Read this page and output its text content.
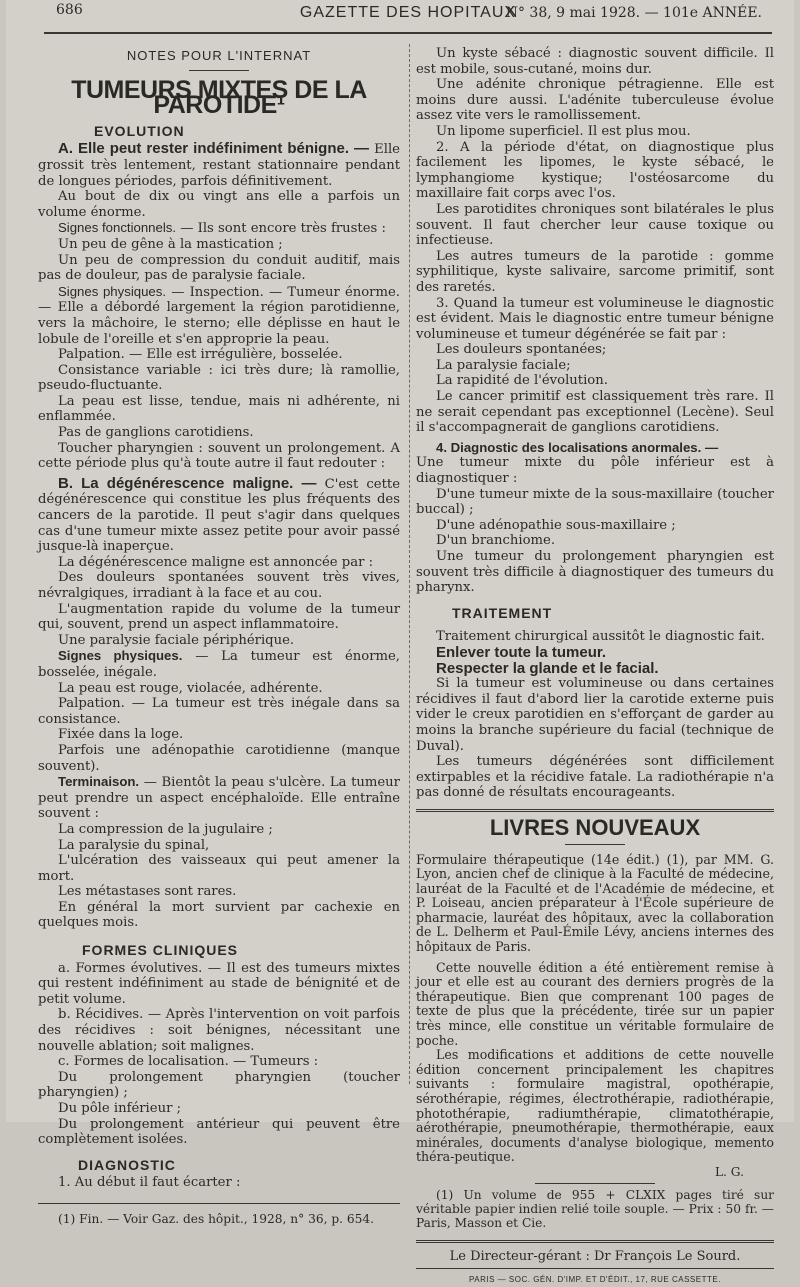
686	GAZETTE DES HOPITAUX
N° 38, 9 mai 1928. — 101e ANNÉE.
NOTES POUR L'INTERNAT
TUMEURS MIXTES DE LA PAROTIDE¹
EVOLUTION

A. Elle peut rester indéfiniment bénigne. — Elle grossit très lentement, restant stationnaire pendant de longues périodes, parfois définitivement.

Au bout de dix ou vingt ans elle a parfois un volume énorme.

Signes fonctionnels. — Ils sont encore très frustes :

Un peu de gêne à la mastication ;

Un peu de compression du conduit auditif, mais pas de douleur, pas de paralysie faciale.

Signes physiques. — Inspection. — Tumeur énorme. — Elle a débordé largement la région parotidienne, vers la mâchoire, le sterno; elle déplisse en haut le lobule de l'oreille et s'en approprie la peau.

Palpation. — Elle est irrégulière, bosselée.

Consistance variable : ici très dure; là ramollie, pseudo-fluctuante.

La peau est lisse, tendue, mais ni adhérente, ni enflammée.

Pas de ganglions carotidiens.

Toucher pharyngien : souvent un prolongement. A cette période plus qu'à toute autre il faut redouter :

B. La dégénérescence maligne. — C'est cette dégénérescence qui constitue les plus fréquents des cancers de la parotide. Il peut s'agir dans quelques cas d'une tumeur mixte assez petite pour avoir passé jusque-là inaperçue.

La dégénérescence maligne est annoncée par :

Des douleurs spontanées souvent très vives, névralgiques, irradiant à la face et au cou.

L'augmentation rapide du volume de la tumeur qui, souvent, prend un aspect inflammatoire.

Une paralysie faciale périphérique.

Signes physiques. — La tumeur est énorme, bosselée, inégale.

La peau est rouge, violacée, adhérente.

Palpation. — La tumeur est très inégale dans sa consistance.

Fixée dans la loge.

Parfois une adénopathie carotidienne (manque souvent).

Terminaison. — Bientôt la peau s'ulcère. La tumeur peut prendre un aspect encéphaloïde. Elle entraîne souvent :

La compression de la jugulaire ;

La paralysie du spinal,

L'ulcération des vaisseaux qui peut amener la mort.

Les métastases sont rares.

En général la mort survient par cachexie en quelques mois.

FORMES CLINIQUES

a. Formes évolutives. — Il est des tumeurs mixtes qui restent indéfiniment au stade de bénignité et de petit volume.

b. Récidives. — Après l'intervention on voit parfois des récidives : soit bénignes, nécessitant une nouvelle ablation; soit malignes.

c. Formes de localisation. — Tumeurs :

Du prolongement pharyngien (toucher pharyngien) ;

Du pôle inférieur ;

Du prolongement antérieur qui peuvent être complètement isolées.

DIAGNOSTIC

1. Au début il faut écarter :

(1) Fin. — Voir Gaz. des hôpit., 1928, n° 36, p. 654.

Un kyste sébacé : diagnostic souvent difficile. Il est mobile, sous-cutané, moins dur.

Une adénite chronique pétragienne. Elle est moins dure aussi. L'adénite tuberculeuse évolue assez vite vers le ramollissement.

Un lipome superficiel. Il est plus mou.

2. A la période d'état, on diagnostique plus facilement les lipomes, le kyste sébacé, le lymphangiome kystique; l'ostéosarcome du maxillaire fait corps avec l'os.

Les parotidites chroniques sont bilatérales le plus souvent. Il faut chercher leur cause toxique ou infectieuse.

Les autres tumeurs de la parotide : gomme syphilitique, kyste salivaire, sarcome primitif, sont des raretés.

3. Quand la tumeur est volumineuse le diagnostic est évident. Mais le diagnostic entre tumeur bénigne volumineuse et tumeur dégénérée se fait par :

Les douleurs spontanées;

La paralysie faciale;

La rapidité de l'évolution.

Le cancer primitif est classiquement très rare. Il ne serait cependant pas exceptionnel (Lecène). Seul il s'accompagnerait de ganglions carotidiens.

4. Diagnostic des localisations anormales. —

Une tumeur mixte du pôle inférieur est à diagnostiquer :

D'une tumeur mixte de la sous-maxillaire (toucher buccal) ;

D'une adénopathie sous-maxillaire ;

D'un branchiome.

Une tumeur du prolongement pharyngien est souvent très difficile à diagnostiquer des tumeurs du pharynx.

TRAITEMENT

Traitement chirurgical aussitôt le diagnostic fait.

Enlever toute la tumeur.

Respecter la glande et le facial.

Si la tumeur est volumineuse ou dans certaines récidives il faut d'abord lier la carotide externe puis vider le creux parotidien en s'efforçant de garder au moins la branche supérieure du facial (technique de Duval).

Les tumeurs dégénérées sont difficilement extirpables et la récidive fatale. La radiothérapie n'a pas donné de résultats encourageants.

LIVRES NOUVEAUX

Formulaire thérapeutique (14e édit.) (1), par MM. G. Lyon, ancien chef de clinique à la Faculté de médecine, lauréat de la Faculté et de l'Académie de médecine, et P. Loiseau, ancien préparateur à l'École supérieure de pharmacie, lauréat des hôpitaux, avec la collaboration de L. Delherm et Paul-Émile Lévy, anciens internes des hôpitaux de Paris.

Cette nouvelle édition a été entièrement remise à jour et elle est au courant des derniers progrès de la thérapeutique. Bien que comprenant 100 pages de texte de plus que la précédente, tirée sur un papier très mince, elle constitue un véritable formulaire de poche.

Les modifications et additions de cette nouvelle édition concernent principalement les chapitres suivants : formulaire magistral, opothérapie, sérothérapie, régimes, électrothérapie, radiothérapie, photothérapie, radiumthérapie, climatothérapie, aérothérapie, pneumothérapie, thermothérapie, eaux minérales, documents d'analyse biologique, memento théra-peutique.

L. G.

(1) Un volume de 955 + CLXIX pages tiré sur véritable papier indien relié toile souple. — Prix : 50 fr. — Paris, Masson et Cie.

Le Directeur-gérant : Dr François Le Sourd.

PARIS — SOC. GÉN. D'IMP. ET D'ÉDIT., 17, RUE CASSETTE.
